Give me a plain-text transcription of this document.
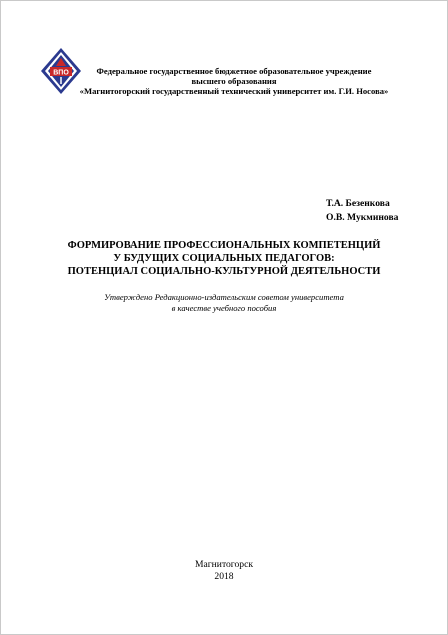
ВПО	Федеральное государственное бюджетное образовательное учреждение
высшего образования
«Магнитогорский государственный технический университет им. Г.И. Носова»
Т.А. Безенкова
О.В. Мукминова
ФОРМИРОВАНИЕ ПРОФЕССИОНАЛЬНЫХ КОМПЕТЕНЦИЙ
У БУДУЩИХ СОЦИАЛЬНЫХ ПЕДАГОГОВ:
ПОТЕНЦИАЛ СОЦИАЛЬНО-КУЛЬТУРНОЙ ДЕЯТЕЛЬНОСТИ
Утверждено Редакционно-издательским советом университета
в качестве учебного пособия
Магнитогорск
2018
